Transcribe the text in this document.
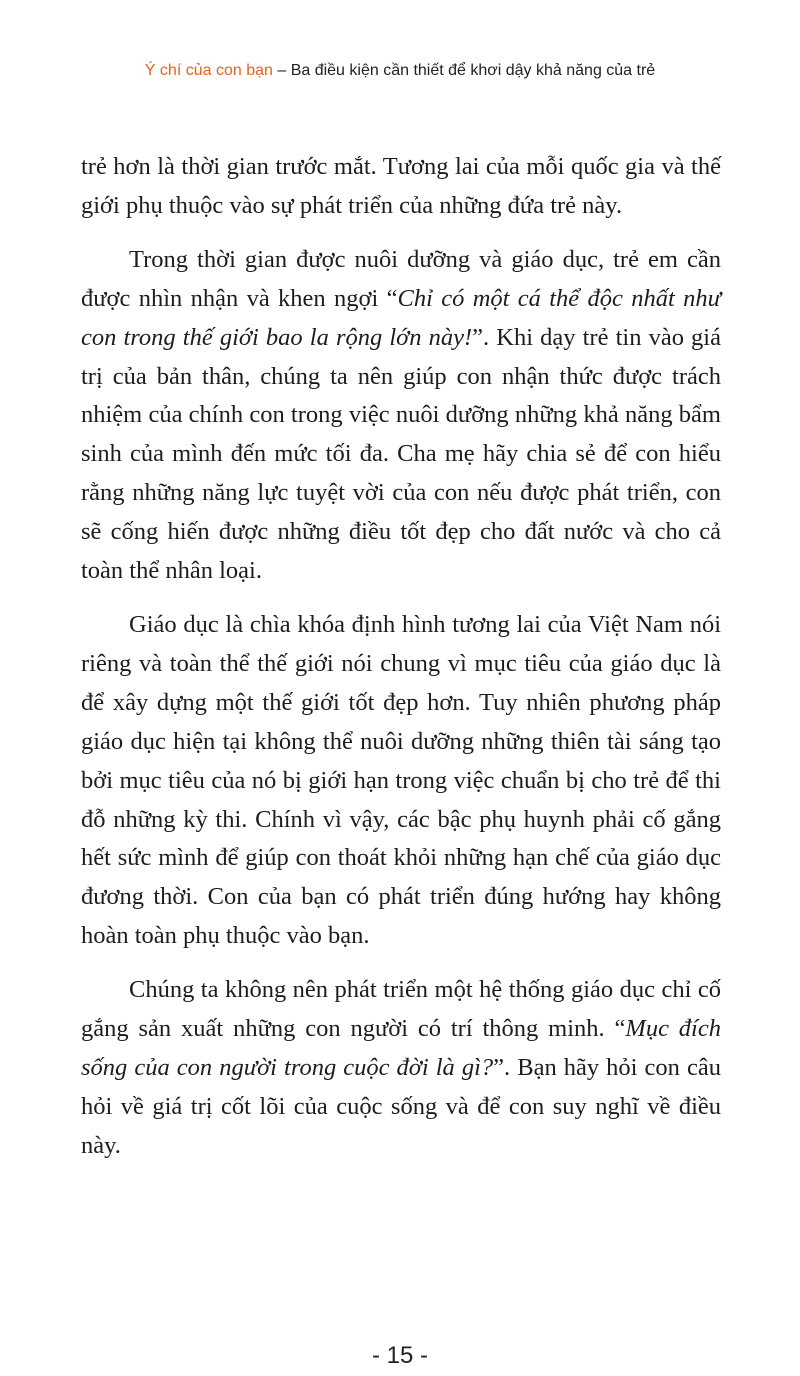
Ý chí của con bạn – Ba điều kiện cần thiết để khơi dậy khả năng của trẻ

trẻ hơn là thời gian trước mắt. Tương lai của mỗi quốc gia và thế giới phụ thuộc vào sự phát triển của những đứa trẻ này.

Trong thời gian được nuôi dưỡng và giáo dục, trẻ em cần được nhìn nhận và khen ngợi “Chỉ có một cá thể độc nhất như con trong thế giới bao la rộng lớn này!”. Khi dạy trẻ tin vào giá trị của bản thân, chúng ta nên giúp con nhận thức được trách nhiệm của chính con trong việc nuôi dưỡng những khả năng bẩm sinh của mình đến mức tối đa. Cha mẹ hãy chia sẻ để con hiểu rằng những năng lực tuyệt vời của con nếu được phát triển, con sẽ cống hiến được những điều tốt đẹp cho đất nước và cho cả toàn thể nhân loại.

Giáo dục là chìa khóa định hình tương lai của Việt Nam nói riêng và toàn thể thế giới nói chung vì mục tiêu của giáo dục là để xây dựng một thế giới tốt đẹp hơn. Tuy nhiên phương pháp giáo dục hiện tại không thể nuôi dưỡng những thiên tài sáng tạo bởi mục tiêu của nó bị giới hạn trong việc chuẩn bị cho trẻ để thi đỗ những kỳ thi. Chính vì vậy, các bậc phụ huynh phải cố gắng hết sức mình để giúp con thoát khỏi những hạn chế của giáo dục đương thời. Con của bạn có phát triển đúng hướng hay không hoàn toàn phụ thuộc vào bạn.

Chúng ta không nên phát triển một hệ thống giáo dục chỉ cố gắng sản xuất những con người có trí thông minh. “Mục đích sống của con người trong cuộc đời là gì?”. Bạn hãy hỏi con câu hỏi về giá trị cốt lõi của cuộc sống và để con suy nghĩ về điều này.

- 15 -
